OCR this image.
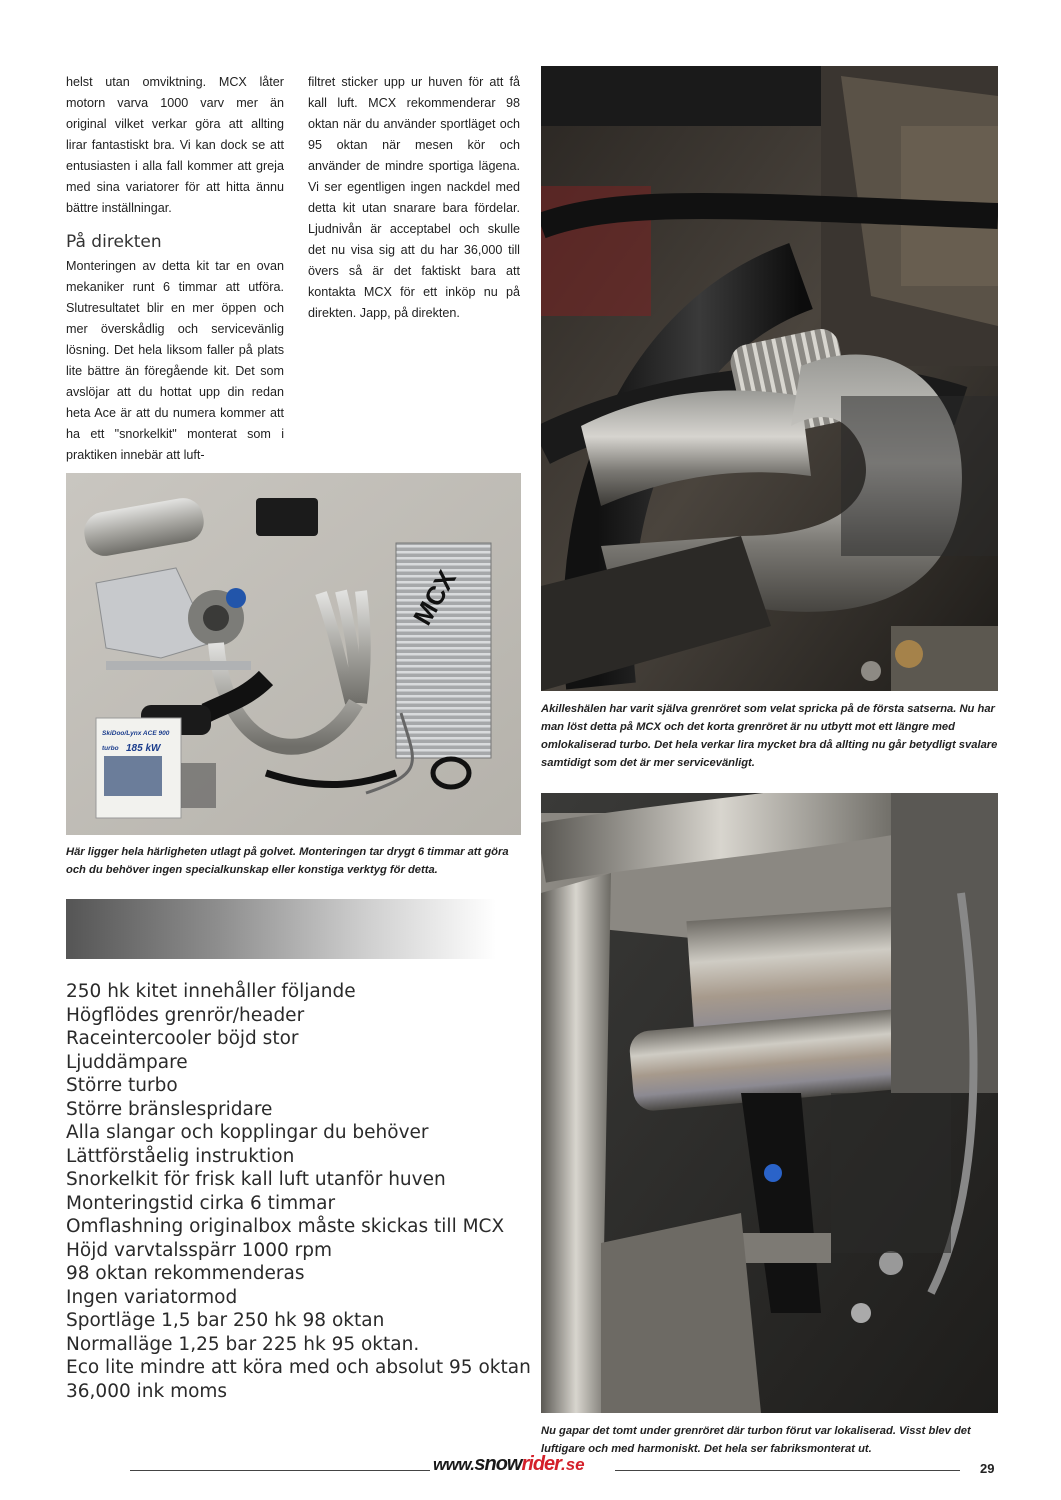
helst utan omviktning. MCX låter motorn varva 1000 varv mer än original vilket verkar göra att allting lirar fantastiskt bra. Vi kan dock se att entusiasten i alla fall kommer att greja med sina variatorer för att hitta ännu bättre inställningar.

På direkten

Monteringen av detta kit tar en ovan mekaniker runt 6 timmar att utföra. Slutresultatet blir en mer öppen och mer överskådlig och servicevänlig lösning. Det hela liksom faller på plats lite bättre än föregående kit. Det som avslöjar att du hottat upp din redan heta Ace är att du numera kommer att ha ett "snorkelkit" monterat som i praktiken innebär att luft-

filtret sticker upp ur huven för att få kall luft. MCX rekommenderar 98 oktan när du använder sportläget och 95 oktan när mesen kör och använder de mindre sportiga lägena. Vi ser egentligen ingen nackdel med detta kit utan snarare bara fördelar. Ljudnivån är acceptabel och skulle det nu visa sig att du har 36,000 till övers så är det faktiskt bara att kontakta MCX för ett inköp nu på direkten. Japp, på direkten.

Akilleshälen har varit själva grenröret som velat spricka på de första satserna. Nu har man löst detta på MCX och det korta grenröret är nu utbytt mot ett längre med omlokaliserad turbo. Det hela verkar lira mycket bra då allting nu går betydligt svalare samtidigt som det är mer servicevänligt.
MCX
SkiDoo/Lynx ACE 900
turbo 185 kW
Här ligger hela härligheten utlagt på golvet. Monteringen tar drygt 6 timmar att göra och du behöver ingen specialkunskap eller konstiga verktyg för detta.
250 hk kitet innehåller följande
Högflödes grenrör/header
Raceintercooler böjd stor
Ljuddämpare
Större turbo
Större bränslespridare
Alla slangar och kopplingar du behöver
Lättförståelig instruktion
Snorkelkit för frisk kall luft utanför huven
Monteringstid cirka 6 timmar
Omflashning originalbox måste skickas till MCX
Höjd varvtalsspärr 1000 rpm
98 oktan rekommenderas
Ingen variatormod
Sportläge 1,5 bar 250 hk 98 oktan
Normalläge 1,25 bar 225 hk 95 oktan.
Eco lite mindre att köra med och absolut 95 oktan
36,000 ink moms
Nu gapar det tomt under grenröret där turbon förut var lokaliserad. Visst blev det luftigare och med harmoniskt. Det hela ser fabriksmonterat ut.
www.snowrider.se	29
